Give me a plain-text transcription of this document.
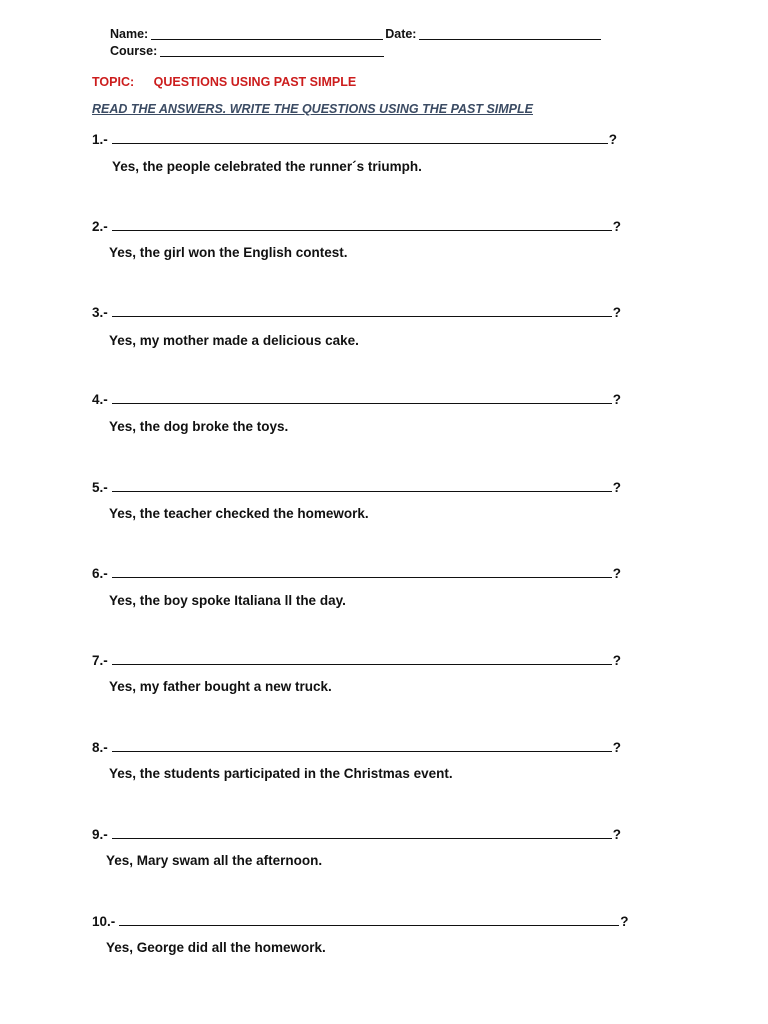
Name:	Date:
Course:
TOPIC: QUESTIONS USING PAST SIMPLE
READ THE ANSWERS. WRITE THE QUESTIONS USING THE PAST SIMPLE
1.-	?
Yes, the people celebrated the runner´s triumph.
2.-	?
Yes, the girl won the English contest.
3.-	?
Yes, my mother made a delicious cake.
4.-	?
Yes, the dog broke the toys.
5.-	?
Yes, the teacher checked the homework.
6.-	?
Yes, the boy spoke Italiana ll the day.
7.-	?
Yes, my father bought a new truck.
8.-	?
Yes, the students participated in the Christmas event.
9.-	?
Yes, Mary swam all the afternoon.
10.-	?
Yes, George did all the homework.
